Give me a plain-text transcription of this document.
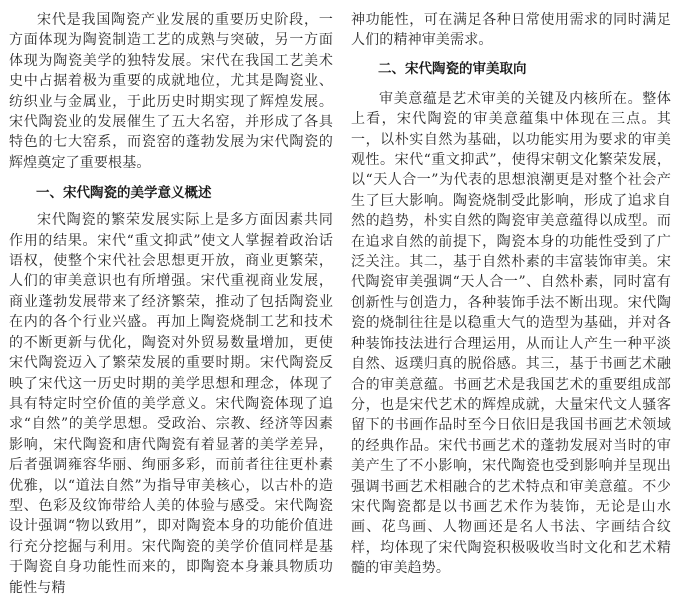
宋代是我国陶瓷产业发展的重要历史阶段，一方面体现为陶瓷制造工艺的成熟与突破，另一方面体现为陶瓷美学的独特发展。宋代在我国工艺美术史中占据着极为重要的成就地位，尤其是陶瓷业、纺织业与金属业，于此历史时期实现了辉煌发展。宋代陶瓷业的发展催生了五大名窑，并形成了各具特色的七大窑系，而瓷窑的蓬勃发展为宋代陶瓷的辉煌奠定了重要根基。

一、宋代陶瓷的美学意义概述

宋代陶瓷的繁荣发展实际上是多方面因素共同作用的结果。宋代“重文抑武”使文人掌握着政治话语权，使整个宋代社会思想更开放，商业更繁荣，人们的审美意识也有所增强。宋代重视商业发展，商业蓬勃发展带来了经济繁荣，推动了包括陶瓷业在内的各个行业兴盛。再加上陶瓷烧制工艺和技术的不断更新与优化，陶瓷对外贸易数量增加，更使宋代陶瓷迈入了繁荣发展的重要时期。宋代陶瓷反映了宋代这一历史时期的美学思想和理念，体现了具有特定时空价值的美学意义。宋代陶瓷体现了追求“自然”的美学思想。受政治、宗教、经济等因素影响，宋代陶瓷和唐代陶瓷有着显著的美学差异，后者强调雍容华丽、绚丽多彩，而前者往往更朴素优雅，以“道法自然”为指导审美核心，以古朴的造型、色彩及纹饰带给人美的体验与感受。宋代陶瓷设计强调“物以致用”，即对陶瓷本身的功能价值进行充分挖掘与利用。宋代陶瓷的美学价值同样是基于陶瓷自身功能性而来的，即陶瓷本身兼具物质功能性与精

神功能性，可在满足各种日常使用需求的同时满足人们的精神审美需求。

二、宋代陶瓷的审美取向

审美意蕴是艺术审美的关键及内核所在。整体上看，宋代陶瓷的审美意蕴集中体现在三点。其一，以朴实自然为基础，以功能实用为要求的审美观性。宋代“重文抑武”，使得宋朝文化繁荣发展，以“天人合一”为代表的思想浪潮更是对整个社会产生了巨大影响。陶瓷烧制受此影响，形成了追求自然的趋势，朴实自然的陶瓷审美意蕴得以成型。而在追求自然的前提下，陶瓷本身的功能性受到了广泛关注。其二，基于自然朴素的丰富装饰审美。宋代陶瓷审美强调“天人合一”、自然朴素，同时富有创新性与创造力，各种装饰手法不断出现。宋代陶瓷的烧制往往是以稳重大气的造型为基础，并对各种装饰技法进行合理运用，从而让人产生一种平淡自然、返璞归真的脱俗感。其三，基于书画艺术融合的审美意蕴。书画艺术是我国艺术的重要组成部分，也是宋代艺术的辉煌成就，大量宋代文人骚客留下的书画作品时至今日依旧是我国书画艺术领域的经典作品。宋代书画艺术的蓬勃发展对当时的审美产生了不小影响，宋代陶瓷也受到影响并呈现出强调书画艺术相融合的艺术特点和审美意蕴。不少宋代陶瓷都是以书画艺术作为装饰，无论是山水画、花鸟画、人物画还是名人书法、字画结合纹样，均体现了宋代陶瓷积极吸收当时文化和艺术精髓的审美趋势。
